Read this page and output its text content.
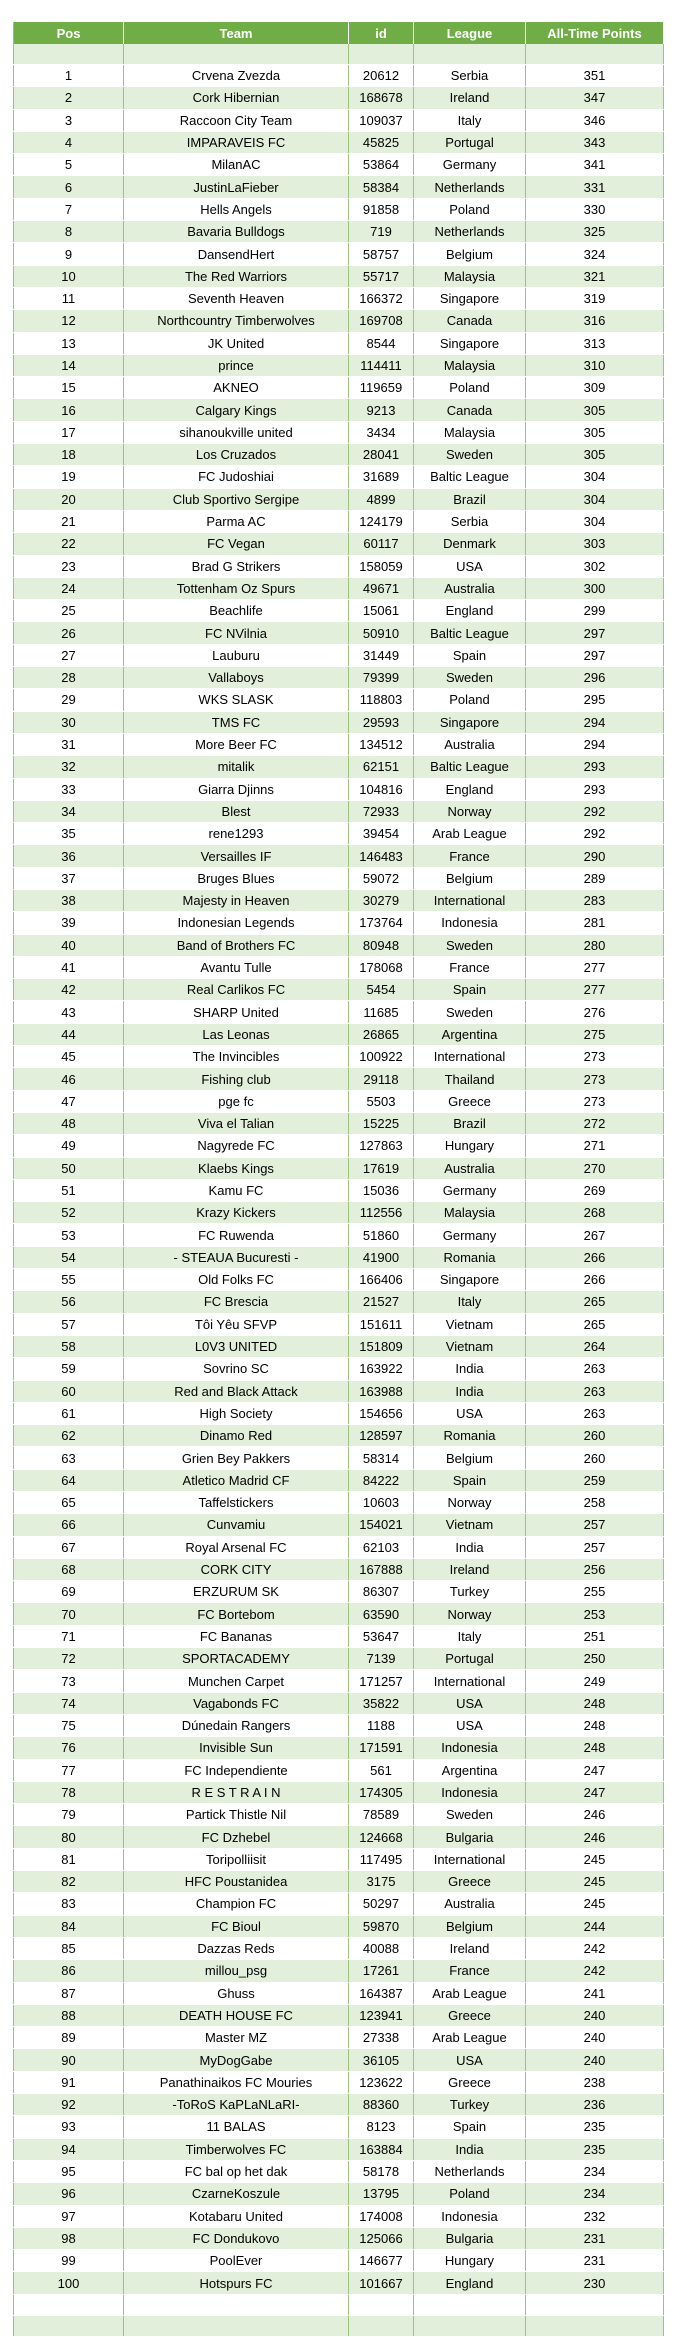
Pos	Team	id	League	All-Time Points

1	Crvena Zvezda	20612	Serbia	351
2	Cork Hibernian	168678	Ireland	347
3	Raccoon City Team	109037	Italy	346
4	IMPARAVEIS FC	45825	Portugal	343
5	MilanAC	53864	Germany	341
6	JustinLaFieber	58384	Netherlands	331
7	Hells Angels	91858	Poland	330
8	Bavaria Bulldogs	719	Netherlands	325
9	DansendHert	58757	Belgium	324
10	The Red Warriors	55717	Malaysia	321
11	Seventh Heaven	166372	Singapore	319
12	Northcountry Timberwolves	169708	Canada	316
13	JK United	8544	Singapore	313
14	prince	114411	Malaysia	310
15	AKNEO	119659	Poland	309
16	Calgary Kings	9213	Canada	305
17	sihanoukville united	3434	Malaysia	305
18	Los Cruzados	28041	Sweden	305
19	FC Judoshiai	31689	Baltic League	304
20	Club Sportivo Sergipe	4899	Brazil	304
21	Parma AC	124179	Serbia	304
22	FC Vegan	60117	Denmark	303
23	Brad G Strikers	158059	USA	302
24	Tottenham Oz Spurs	49671	Australia	300
25	Beachlife	15061	England	299
26	FC NVilnia	50910	Baltic League	297
27	Lauburu	31449	Spain	297
28	Vallaboys	79399	Sweden	296
29	WKS SLASK	118803	Poland	295
30	TMS FC	29593	Singapore	294
31	More Beer FC	134512	Australia	294
32	mitalik	62151	Baltic League	293
33	Giarra Djinns	104816	England	293
34	Blest	72933	Norway	292
35	rene1293	39454	Arab League	292
36	Versailles IF	146483	France	290
37	Bruges Blues	59072	Belgium	289
38	Majesty in Heaven	30279	International	283
39	Indonesian Legends	173764	Indonesia	281
40	Band of Brothers FC	80948	Sweden	280
41	Avantu Tulle	178068	France	277
42	Real Carlikos FC	5454	Spain	277
43	SHARP United	11685	Sweden	276
44	Las Leonas	26865	Argentina	275
45	The Invincibles	100922	International	273
46	Fishing club	29118	Thailand	273
47	pge fc	5503	Greece	273
48	Viva el Talian	15225	Brazil	272
49	Nagyrede FC	127863	Hungary	271
50	Klaebs Kings	17619	Australia	270
51	Kamu FC	15036	Germany	269
52	Krazy Kickers	112556	Malaysia	268
53	FC Ruwenda	51860	Germany	267
54	- STEAUA Bucuresti -	41900	Romania	266
55	Old Folks FC	166406	Singapore	266
56	FC Brescia	21527	Italy	265
57	Tôi Yêu SFVP	151611	Vietnam	265
58	L0V3 UNITED	151809	Vietnam	264
59	Sovrino SC	163922	India	263
60	Red and Black Attack	163988	India	263
61	High Society	154656	USA	263
62	Dinamo Red	128597	Romania	260
63	Grien Bey Pakkers	58314	Belgium	260
64	Atletico Madrid CF	84222	Spain	259
65	Taffelstickers	10603	Norway	258
66	Cunvamiu	154021	Vietnam	257
67	Royal Arsenal FC	62103	India	257
68	CORK CITY	167888	Ireland	256
69	ERZURUM SK	86307	Turkey	255
70	FC Bortebom	63590	Norway	253
71	FC Bananas	53647	Italy	251
72	SPORTACADEMY	7139	Portugal	250
73	Munchen Carpet	171257	International	249
74	Vagabonds FC	35822	USA	248
75	Dúnedain Rangers	1188	USA	248
76	Invisible Sun	171591	Indonesia	248
77	FC Independiente	561	Argentina	247
78	R E S T R A I N	174305	Indonesia	247
79	Partick Thistle Nil	78589	Sweden	246
80	FC Dzhebel	124668	Bulgaria	246
81	Toripolliisit	117495	International	245
82	HFC Poustanidea	3175	Greece	245
83	Champion FC	50297	Australia	245
84	FC Bioul	59870	Belgium	244
85	Dazzas Reds	40088	Ireland	242
86	millou_psg	17261	France	242
87	Ghuss	164387	Arab League	241
88	DEATH HOUSE FC	123941	Greece	240
89	Master MZ	27338	Arab League	240
90	MyDogGabe	36105	USA	240
91	Panathinaikos FC Mouries	123622	Greece	238
92	-ToRoS KaPLaNLaRI-	88360	Turkey	236
93	11 BALAS	8123	Spain	235
94	Timberwolves FC	163884	India	235
95	FC bal op het dak	58178	Netherlands	234
96	CzarneKoszule	13795	Poland	234
97	Kotabaru United	174008	Indonesia	232
98	FC Dondukovo	125066	Bulgaria	231
99	PoolEver	146677	Hungary	231
100	Hotspurs FC	101667	England	230
